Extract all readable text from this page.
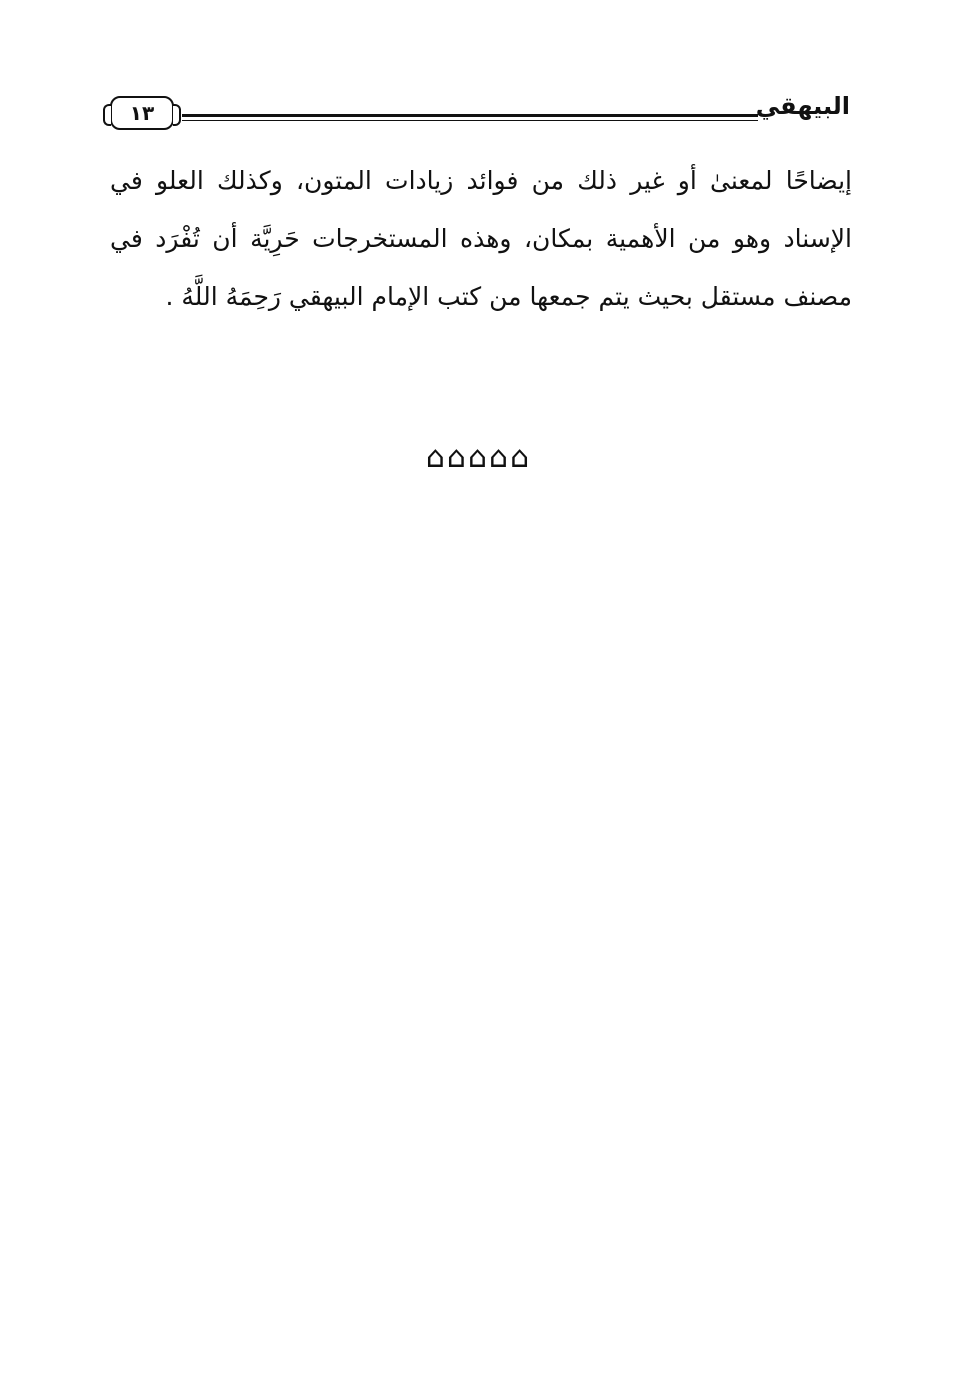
١٣	البيهقي
إيضاحًا لمعنىٰ أو غير ذلك من فوائد زيادات المتون، وكذلك العلو في
الإسناد وهو من الأهمية بمكان، وهذه المستخرجات حَرِيَّة أن تُفْرَد في
مصنف مستقل بحيث يتم جمعها من كتب الإمام البيهقي رَحِمَهُ اللَّهُ .
⌂⌂⌂⌂⌂
